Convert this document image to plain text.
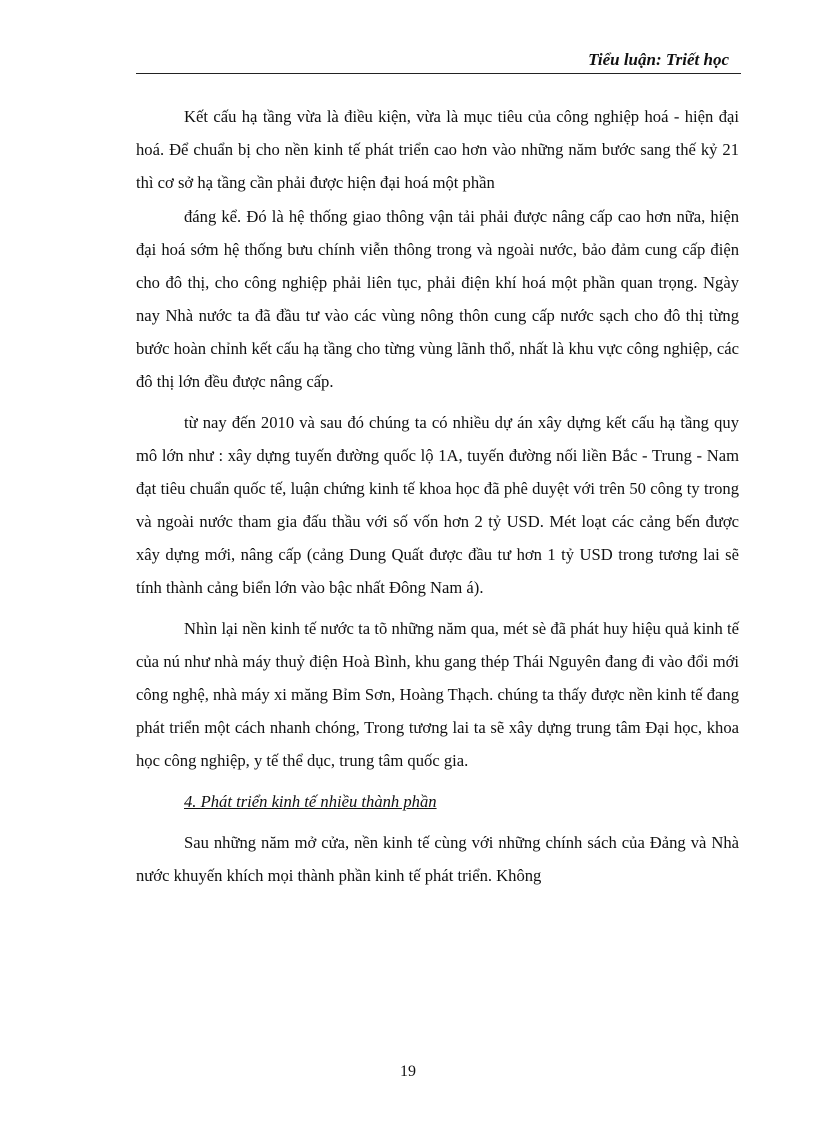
Tiểu luận: Triết học

Kết cấu hạ tầng vừa là điều kiện, vừa là mục tiêu của công nghiệp hoá - hiện đại hoá. Để chuẩn bị cho nền kinh tế phát triển cao hơn vào những năm bước sang thế kỷ 21 thì cơ sở hạ tầng cần phải được hiện đại hoá một phần

đáng kể. Đó là hệ thống giao thông vận tải phải được nâng cấp cao hơn nữa, hiện đại hoá sớm hệ thống bưu chính viễn thông trong và ngoài nước, bảo đảm cung cấp điện cho đô thị, cho công nghiệp phải liên tục, phải điện khí hoá một phần quan trọng. Ngày nay Nhà nước ta đã đầu tư vào các vùng nông thôn cung cấp nước sạch cho đô thị từng bước hoàn chỉnh kết cấu hạ tầng cho từng vùng lãnh thổ, nhất là khu vực công nghiệp, các đô thị lớn đều được nâng cấp.

từ nay đến 2010 và sau đó chúng ta có nhiều dự án xây dựng kết cấu hạ tầng quy mô lớn như : xây dựng tuyến đường quốc lộ 1A, tuyến đường nối liền Bắc - Trung - Nam đạt tiêu chuẩn quốc tế, luận chứng kinh tế khoa học đã phê duyệt với trên 50 công ty trong và ngoài nước tham gia đấu thầu với số vốn hơn 2 tỷ USD. Mét loạt các cảng bến được xây dựng mới, nâng cấp (cảng Dung Quất được đầu tư hơn 1 tỷ USD trong tương lai sẽ tính thành cảng biển lớn vào bậc nhất Đông Nam á).

Nhìn lại nền kinh tế nước ta tõ những năm qua, mét sè đã phát huy hiệu quả kinh tế của nú như nhà máy thuỷ điện Hoà Bình, khu gang thép Thái Nguyên đang đi vào đổi mới công nghệ, nhà máy xi măng Bỉm Sơn, Hoàng Thạch. chúng ta thấy được nền kinh tế đang phát triển một cách nhanh chóng, Trong tương lai ta sẽ xây dựng trung tâm Đại học, khoa học công nghiệp, y tế thể dục, trung tâm quốc gia.

4. Phát triển kinh tế nhiều thành phần

Sau những năm mở cửa, nền kinh tế cùng với những chính sách của Đảng và Nhà nước khuyến khích mọi thành phần kinh tế phát triển. Không

19
